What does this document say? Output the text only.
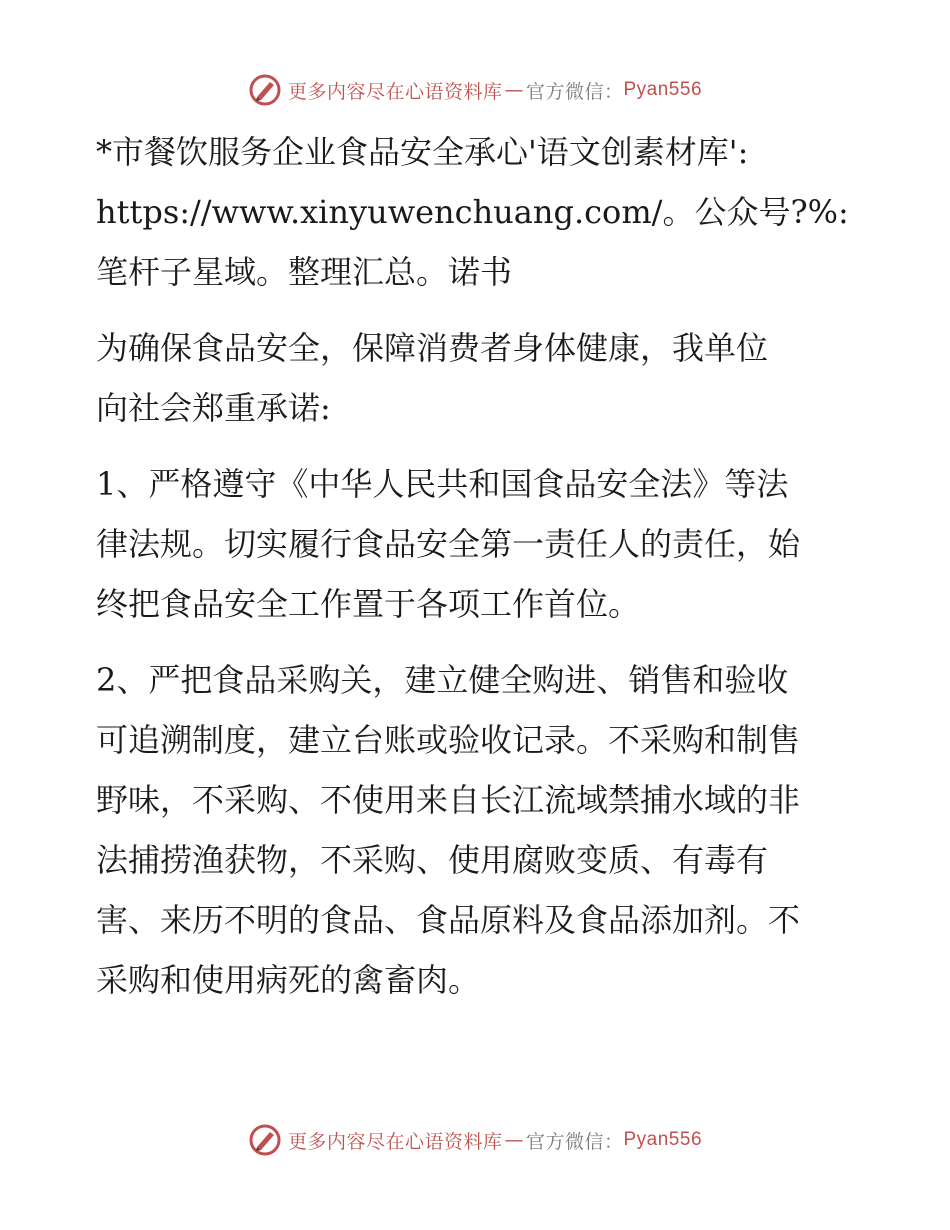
更多内容尽在心语资料库 — 官方微信： Pyan556

*市餐饮服务企业食品安全承心'语文创素材库':
https://www.xinyuwenchuang.com/。公众号?%:
笔杆子星域。整理汇总。诺书

为确保食品安全，保障消费者身体健康，我单位
向社会郑重承诺:

1、严格遵守《中华人民共和国食品安全法》等法
律法规。切实履行食品安全第一责任人的责任，始
终把食品安全工作置于各项工作首位。

2、严把食品采购关，建立健全购进、销售和验收
可追溯制度，建立台账或验收记录。不采购和制售
野味，不采购、不使用来自长江流域禁捕水域的非
法捕捞渔获物，不采购、使用腐败变质、有毒有
害、来历不明的食品、食品原料及食品添加剂。不
采购和使用病死的禽畜肉。

更多内容尽在心语资料库 — 官方微信： Pyan556
